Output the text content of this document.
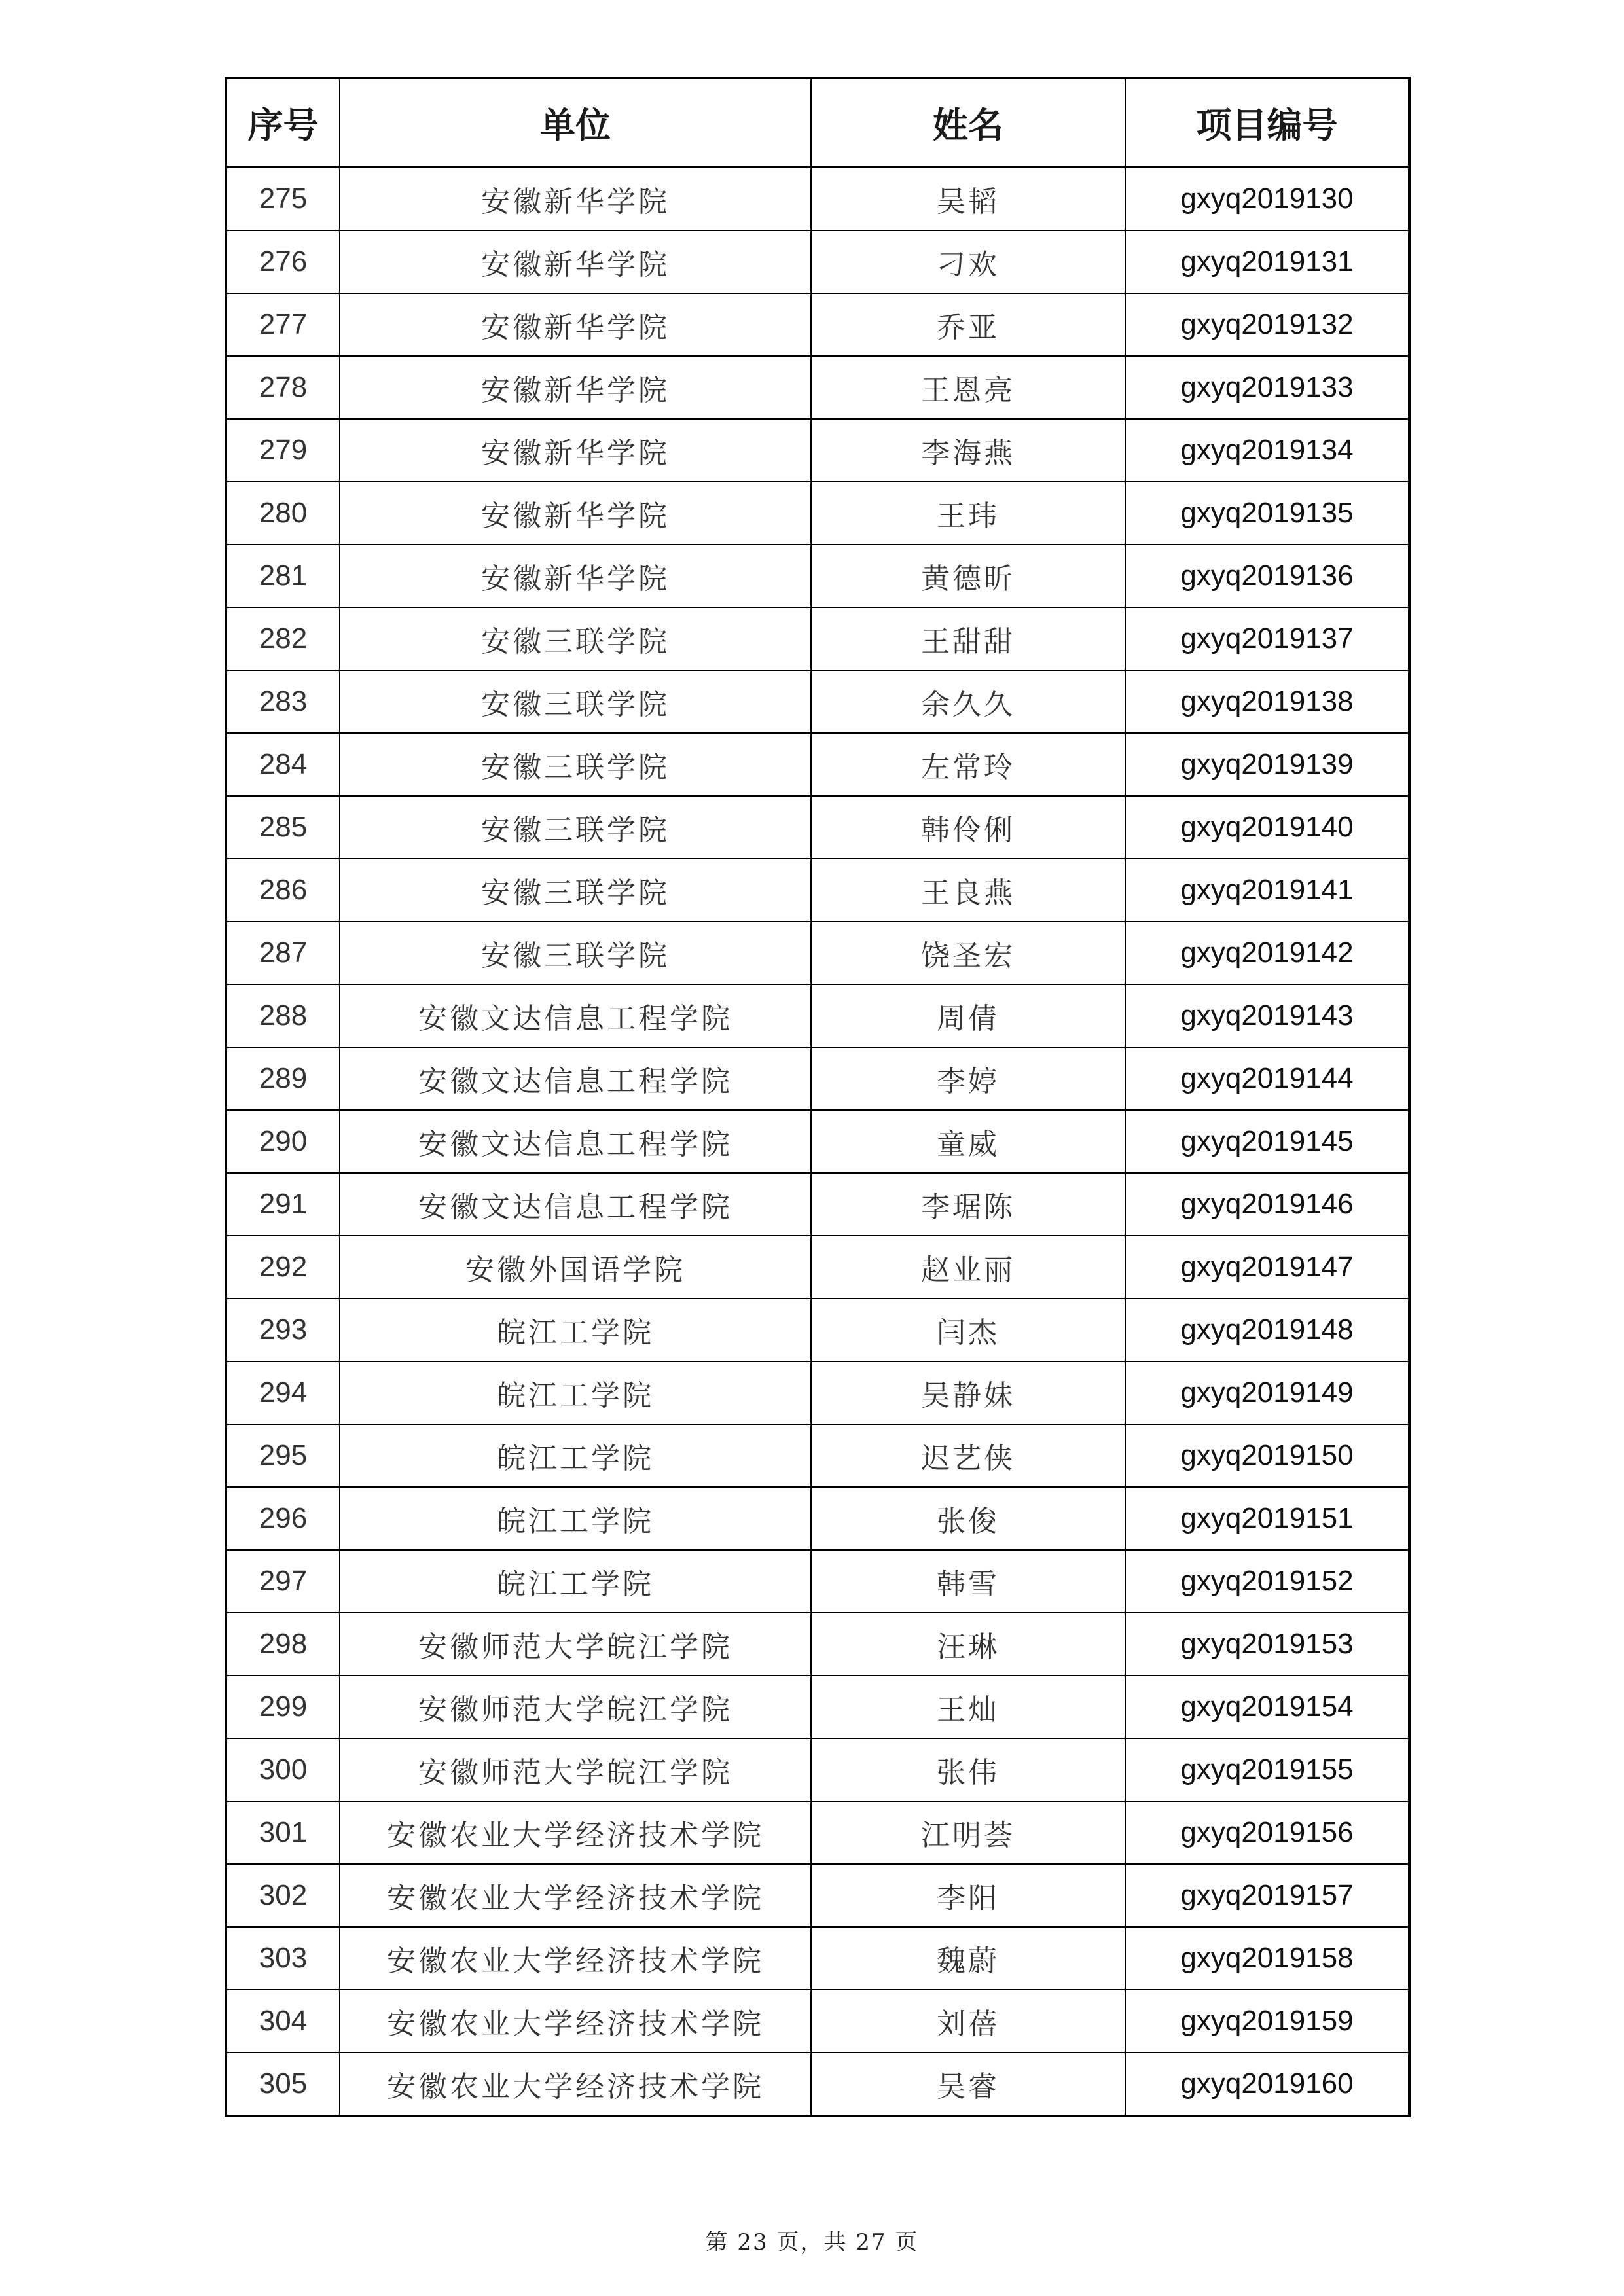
序号	单位	姓名	项目编号
275	安徽新华学院	吴韬	gxyq2019130
276	安徽新华学院	刁欢	gxyq2019131
277	安徽新华学院	乔亚	gxyq2019132
278	安徽新华学院	王恩亮	gxyq2019133
279	安徽新华学院	李海燕	gxyq2019134
280	安徽新华学院	王玮	gxyq2019135
281	安徽新华学院	黄德昕	gxyq2019136
282	安徽三联学院	王甜甜	gxyq2019137
283	安徽三联学院	余久久	gxyq2019138
284	安徽三联学院	左常玲	gxyq2019139
285	安徽三联学院	韩伶俐	gxyq2019140
286	安徽三联学院	王良燕	gxyq2019141
287	安徽三联学院	饶圣宏	gxyq2019142
288	安徽文达信息工程学院	周倩	gxyq2019143
289	安徽文达信息工程学院	李婷	gxyq2019144
290	安徽文达信息工程学院	童威	gxyq2019145
291	安徽文达信息工程学院	李琚陈	gxyq2019146
292	安徽外国语学院	赵业丽	gxyq2019147
293	皖江工学院	闫杰	gxyq2019148
294	皖江工学院	吴静妹	gxyq2019149
295	皖江工学院	迟艺侠	gxyq2019150
296	皖江工学院	张俊	gxyq2019151
297	皖江工学院	韩雪	gxyq2019152
298	安徽师范大学皖江学院	汪琳	gxyq2019153
299	安徽师范大学皖江学院	王灿	gxyq2019154
300	安徽师范大学皖江学院	张伟	gxyq2019155
301	安徽农业大学经济技术学院	江明荟	gxyq2019156
302	安徽农业大学经济技术学院	李阳	gxyq2019157
303	安徽农业大学经济技术学院	魏蔚	gxyq2019158
304	安徽农业大学经济技术学院	刘蓓	gxyq2019159
305	安徽农业大学经济技术学院	吴睿	gxyq2019160
第 23 页，共 27 页
